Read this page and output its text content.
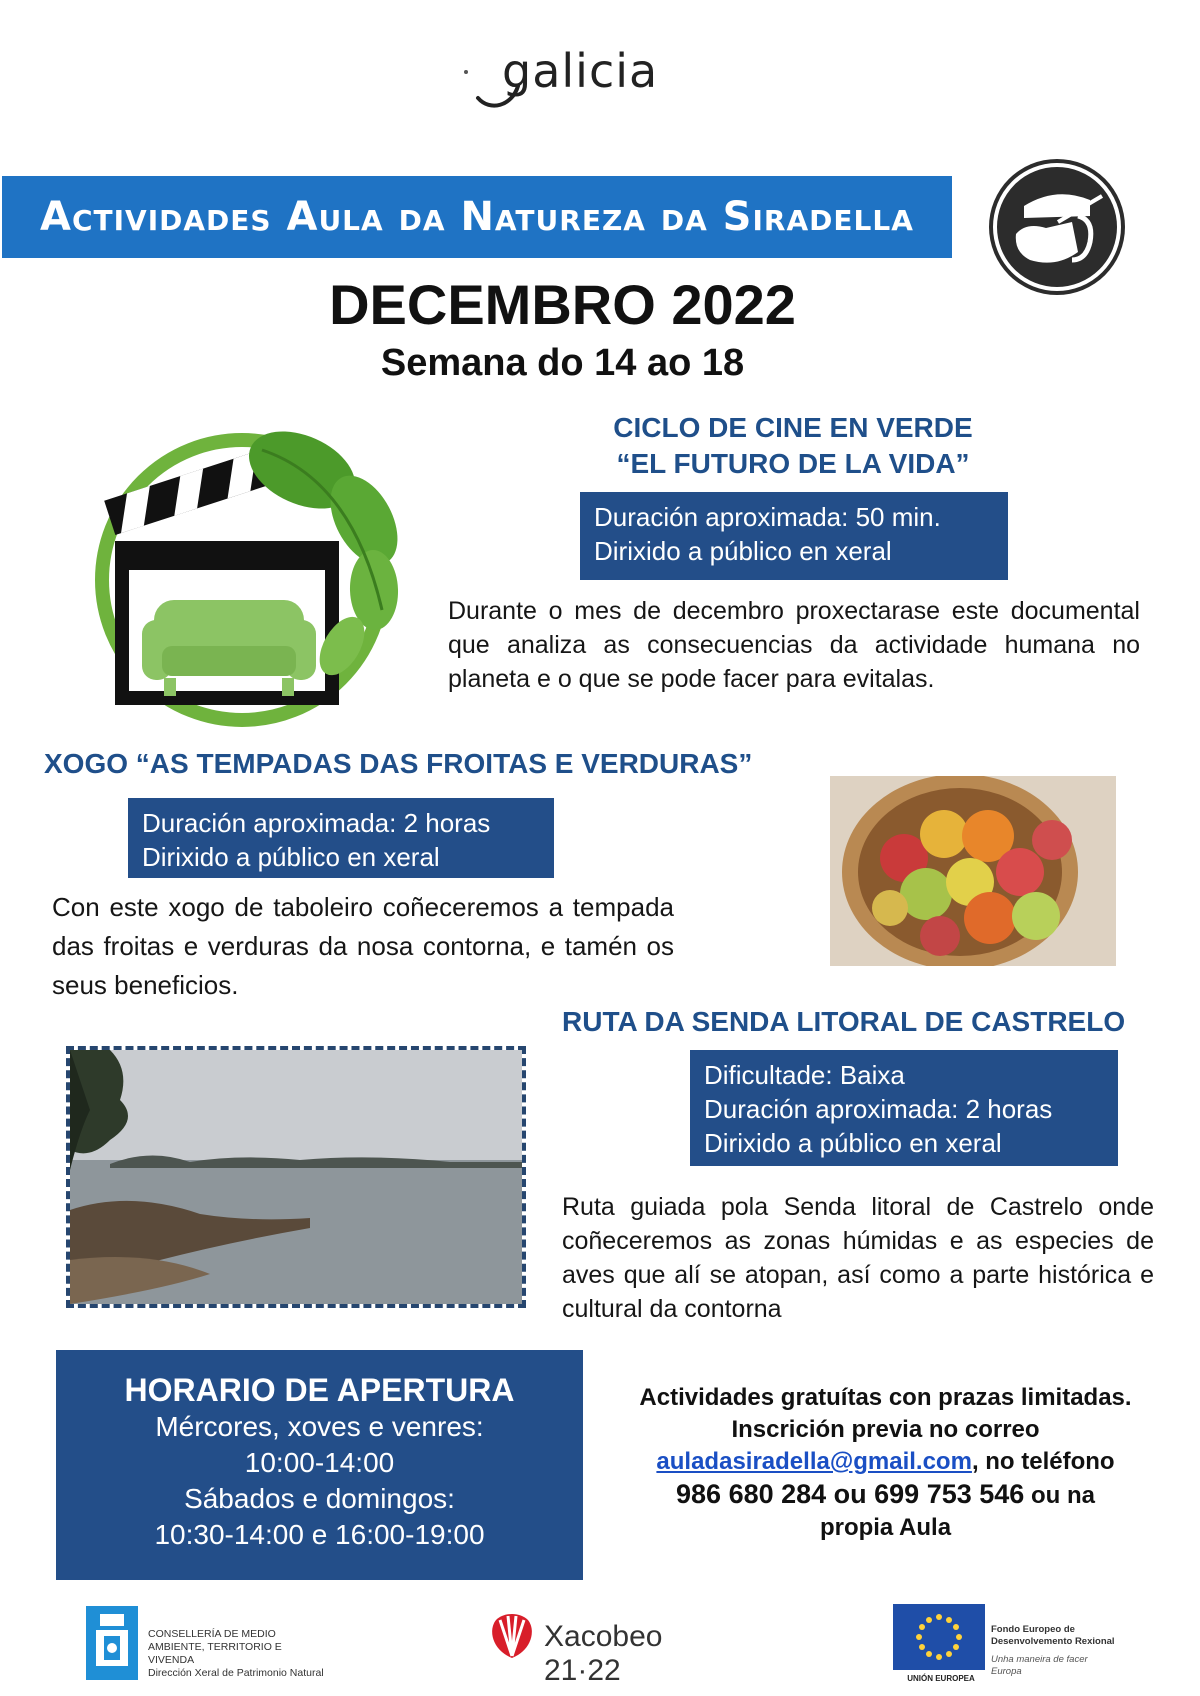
galicia
Actividades Aula da Natureza da Siradella
DECEMBRO 2022
Semana do 14 ao 18
CICLO DE CINE EN VERDE
“EL FUTURO DE LA VIDA”
Duración aproximada: 50 min.
Dirixido a público en xeral
Durante o mes de decembro proxectarase este documental que analiza as consecuencias da actividade humana no planeta e o que se pode facer para evitalas.
XOGO “AS TEMPADAS DAS FROITAS E VERDURAS”
Duración aproximada: 2 horas
Dirixido a público en xeral
Con este xogo de taboleiro coñeceremos a tempada das froitas e verduras da nosa contorna, e tamén os seus beneficios.
RUTA DA SENDA LITORAL DE CASTRELO
Dificultade: Baixa
Duración aproximada: 2 horas
Dirixido a público en xeral
Ruta guiada pola Senda litoral de Castrelo onde coñeceremos as zonas húmidas e as especies de aves que alí se atopan, así como a parte histórica e cultural da contorna
HORARIO DE APERTURA
Mércores, xoves e venres:
10:00-14:00
Sábados e domingos:
10:30-14:00 e 16:00-19:00
Actividades gratuítas con prazas limitadas.
Inscrición previa no correo
auladasiradella@gmail.com, no teléfono
986 680 284 ou 699 753 546 ou na
propia Aula
CONSELLERÍA DE MEDIO
AMBIENTE, TERRITORIO E
VIVENDA
Dirección Xeral de Patrimonio Natural
Xacobeo 21·22
Fondo Europeo de
Desenvolvemento Rexional
Unha maneira de facer
Europa
UNIÓN EUROPEA
